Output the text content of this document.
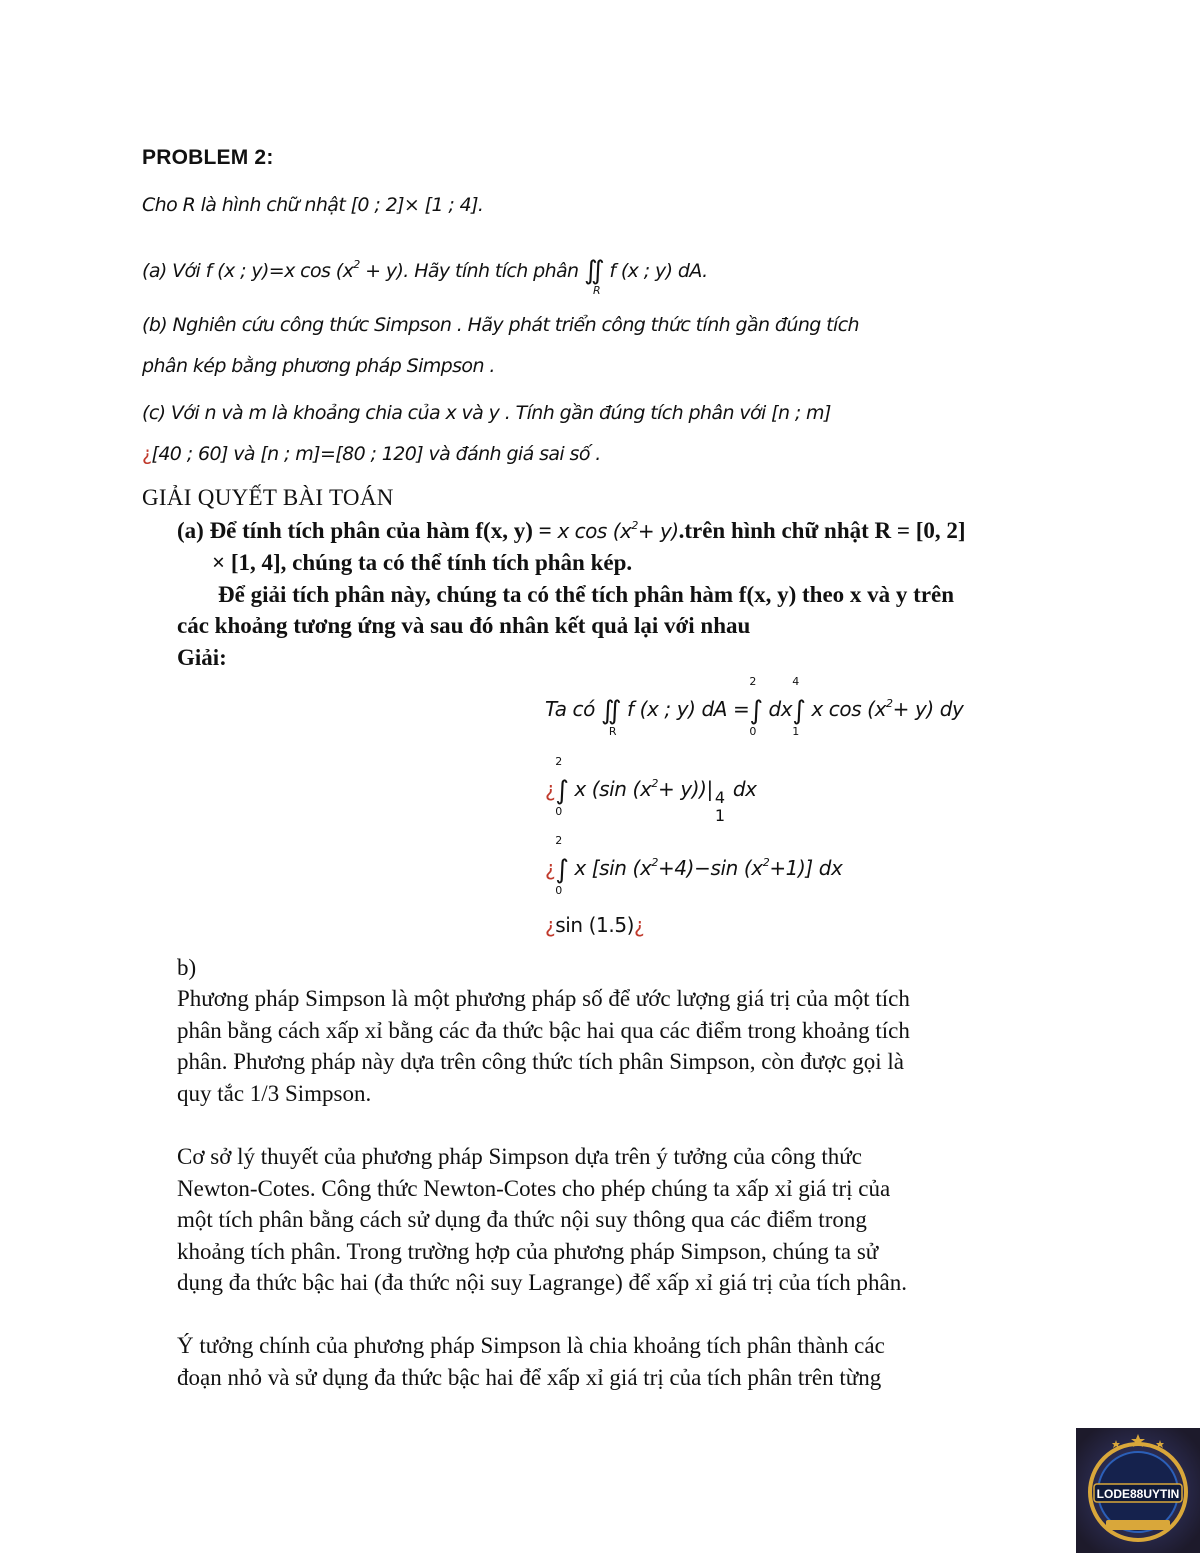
PROBLEM 2:
Cho R là hình chữ nhật [0 ; 2]× [1 ; 4].
(a) Với f (x ; y)=x $\cos (x^2 + y)$. Hãy tính tích phân ∬
R
f (x ; y) dA.
(b) Nghiên cứu công thức Simpson . Hãy phát triển công thức tính gần đúng tích
phân kép bằng phương pháp Simpson .
(c) Với n và m là khoảng chia của x và y . Tính gần đúng tích phân với [n ; m]
¿[40 ; 60] và [n ; m]=[80 ; 120] và đánh giá sai số .
GIẢI QUYẾT BÀI TOÁN
(a) Để tính tích phân của hàm f(x, y) = x $\cos (x^2+$ y).trên hình chữ nhật R = [0, 2]
× [1, 4], chúng ta có thể tính tích phân kép.
Để giải tích phân này, chúng ta có thể tích phân hàm f(x, y) theo x và y trên
các khoảng tương ứng và sau đó nhân kết quả lại với nhau
Giải:
Ta có ∬
R
f (x ; y) dA =∫
2
0
dx∫
4
1
x $\cos (x^2+ y)$ dy
¿∫
2
0
x (sin $(x^2+ y))|$ 4
1
dx
¿∫
2
0
x [sin $(x^2+4)-\sin$ $(x^2+1)$] dx
¿sin (1.5)¿
b)
Phương pháp Simpson là một phương pháp số để ước lượng giá trị của một tích
phân bằng cách xấp xỉ bằng các đa thức bậc hai qua các điểm trong khoảng tích
phân. Phương pháp này dựa trên công thức tích phân Simpson, còn được gọi là
quy tắc 1/3 Simpson.
Cơ sở lý thuyết của phương pháp Simpson dựa trên ý tưởng của công thức
Newton-Cotes. Công thức Newton-Cotes cho phép chúng ta xấp xỉ giá trị của
một tích phân bằng cách sử dụng đa thức nội suy thông qua các điểm trong
khoảng tích phân. Trong trường hợp của phương pháp Simpson, chúng ta sử
dụng đa thức bậc hai (đa thức nội suy Lagrange) để xấp xỉ giá trị của tích phân.
Ý tưởng chính của phương pháp Simpson là chia khoảng tích phân thành các
đoạn nhỏ và sử dụng đa thức bậc hai để xấp xỉ giá trị của tích phân trên từng
LODE88UYTIN
